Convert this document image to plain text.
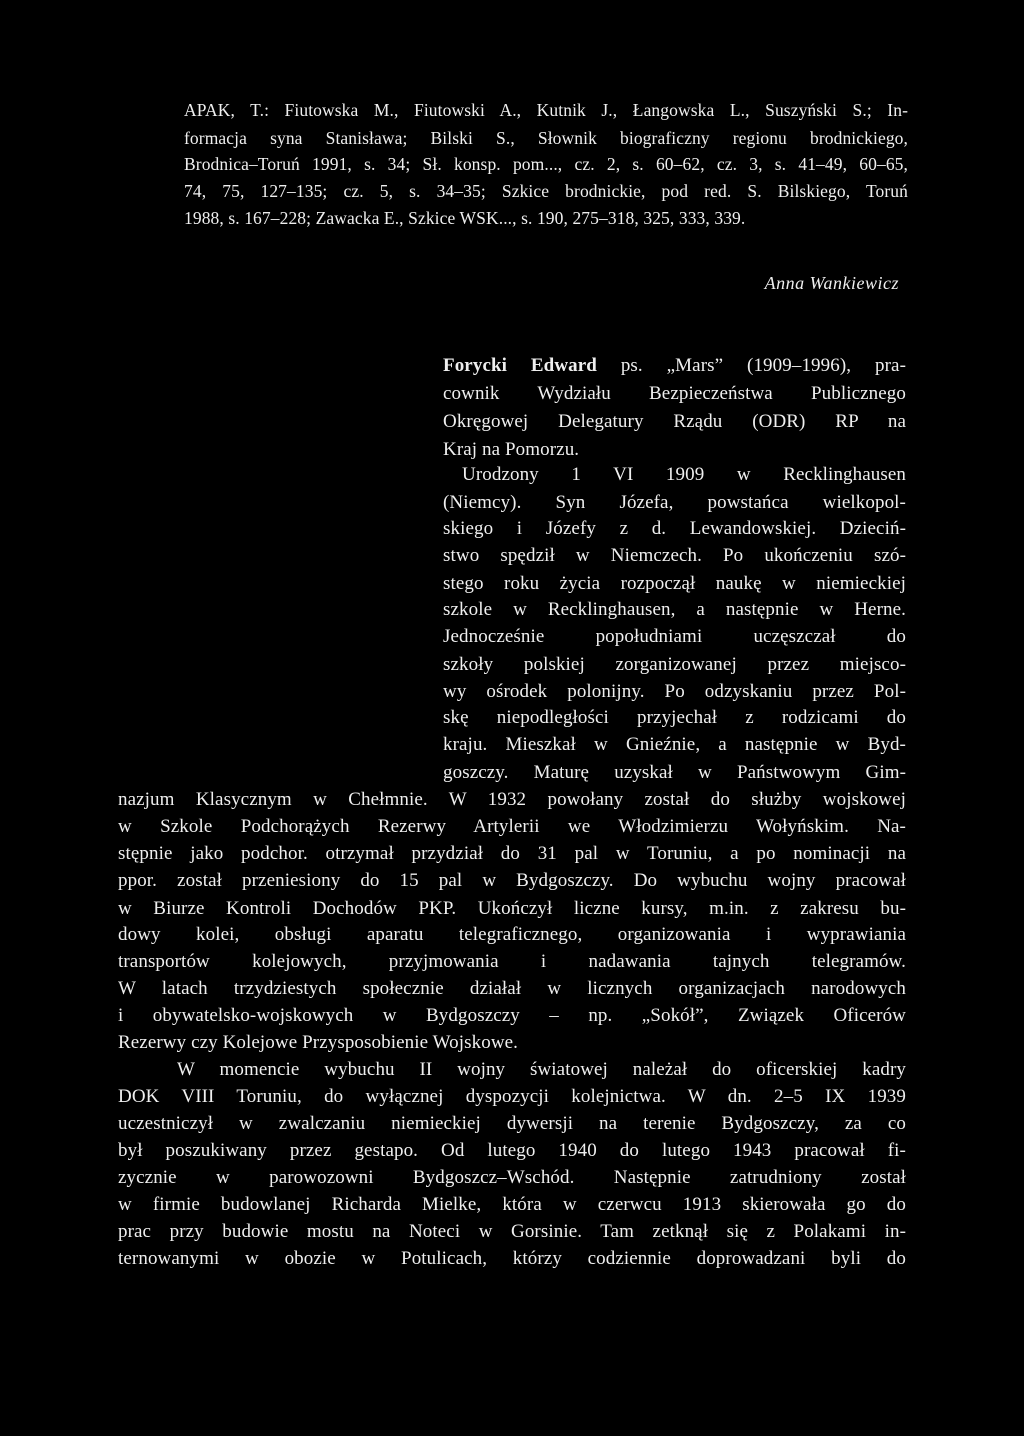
APAK, T.: Fiutowska M., Fiutowski A., Kutnik J., Łangowska L., Suszyński S.; In-
formacja syna Stanisława; Bilski S., Słownik biograficzny regionu brodnickiego,
Brodnica–Toruń 1991, s. 34; Sł. konsp. pom..., cz. 2, s. 60–62, cz. 3, s. 41–49, 60–65,
74, 75, 127–135; cz. 5, s. 34–35; Szkice brodnickie, pod red. S. Bilskiego, Toruń
1988, s. 167–228; Zawacka E., Szkice WSK..., s. 190, 275–318, 325, 333, 339.
Anna Wankiewicz
Forycki Edward ps. „Mars” (1909–1996), pra-
cownik Wydziału Bezpieczeństwa Publicznego
Okręgowej Delegatury Rządu (ODR) RP na
Kraj na Pomorzu.
Urodzony 1 VI 1909 w Recklinghausen
(Niemcy). Syn Józefa, powstańca wielkopol-
skiego i Józefy z d. Lewandowskiej. Dzieciń-
stwo spędził w Niemczech. Po ukończeniu szó-
stego roku życia rozpoczął naukę w niemieckiej
szkole w Recklinghausen, a następnie w Herne.
Jednocześnie popołudniami uczęszczał do
szkoły polskiej zorganizowanej przez miejsco-
wy ośrodek polonijny. Po odzyskaniu przez Pol-
skę niepodległości przyjechał z rodzicami do
kraju. Mieszkał w Gnieźnie, a następnie w Byd-
goszczy. Maturę uzyskał w Państwowym Gim-
nazjum Klasycznym w Chełmnie. W 1932 powołany został do służby wojskowej
w Szkole Podchorążych Rezerwy Artylerii we Włodzimierzu Wołyńskim. Na-
stępnie jako podchor. otrzymał przydział do 31 pal w Toruniu, a po nominacji na
ppor. został przeniesiony do 15 pal w Bydgoszczy. Do wybuchu wojny pracował
w Biurze Kontroli Dochodów PKP. Ukończył liczne kursy, m.in. z zakresu bu-
dowy kolei, obsługi aparatu telegraficznego, organizowania i wyprawiania
transportów kolejowych, przyjmowania i nadawania tajnych telegramów.
W latach trzydziestych społecznie działał w licznych organizacjach narodowych
i obywatelsko-wojskowych w Bydgoszczy – np. „Sokół”, Związek Oficerów
Rezerwy czy Kolejowe Przysposobienie Wojskowe.
W momencie wybuchu II wojny światowej należał do oficerskiej kadry
DOK VIII Toruniu, do wyłącznej dyspozycji kolejnictwa. W dn. 2–5 IX 1939
uczestniczył w zwalczaniu niemieckiej dywersji na terenie Bydgoszczy, za co
był poszukiwany przez gestapo. Od lutego 1940 do lutego 1943 pracował fi-
zycznie w parowozowni Bydgoszcz–Wschód. Następnie zatrudniony został
w firmie budowlanej Richarda Mielke, która w czerwcu 1913 skierowała go do
prac przy budowie mostu na Noteci w Gorsinie. Tam zetknął się z Polakami in-
ternowanymi w obozie w Potulicach, którzy codziennie doprowadzani byli do
